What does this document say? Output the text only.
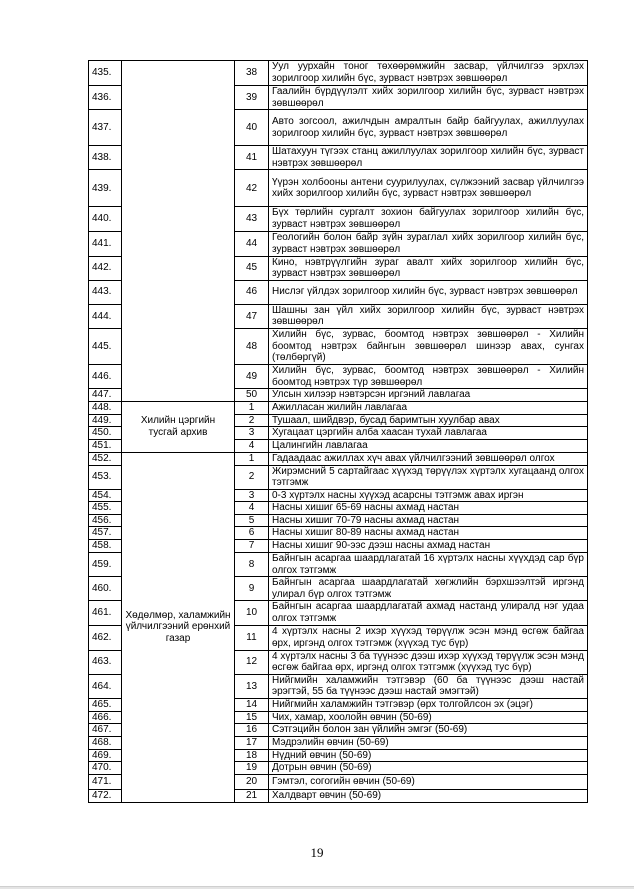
435.		38	Уул уурхайн тоног төхөөрөмжийн засвар, үйлчилгээ эрхлэх зорилгоор хилийн бүс, зурваст нэвтрэх зөвшөөрөл
436.		39	Гаалийн бүрдүүлэлт хийх зорилгоор хилийн бүс, зурваст нэвтрэх зөвшөөрөл
437.		40	Авто зогсоол, ажилчдын амралтын байр байгуулах, ажиллуулах зорилгоор хилийн бүс, зурваст нэвтрэх зөвшөөрөл
438.		41	Шатахуун түгээх станц ажиллуулах зорилгоор хилийн бүс, зурваст нэвтрэх зөвшөөрөл
439.		42	Үүрэн холбооны антени суурилуулах, сүлжээний засвар үйлчилгээ хийх зорилгоор хилийн бүс, зурваст нэвтрэх зөвшөөрөл
440.		43	Бүх төрлийн сургалт зохион байгуулах зорилгоор хилийн бүс, зурваст нэвтрэх зөвшөөрөл
441.		44	Геологийн болон байр зүйн зураглал хийх зорилгоор хилийн бүс, зурваст нэвтрэх зөвшөөрөл
442.		45	Кино, нэвтрүүлгийн зураг авалт хийх зорилгоор хилийн бүс, зурваст нэвтрэх зөвшөөрөл
443.		46	Нислэг үйлдэх зорилгоор хилийн бүс, зурваст нэвтрэх зөвшөөрөл
444.		47	Шашны зан үйл хийх зорилгоор хилийн бүс, зурваст нэвтрэх зөвшөөрөл
445.		48	Хилийн бүс, зурвас, боомтод нэвтрэх зөвшөөрөл - Хилийн боомтод нэвтрэх байнгын зөвшөөрөл шинээр авах, сунгах (төлбөргүй)
446.		49	Хилийн бүс, зурвас, боомтод нэвтрэх зөвшөөрөл - Хилийн боомтод нэвтрэх түр зөвшөөрөл
447.		50	Улсын хилээр нэвтэрсэн иргэний лавлагаа
448.	Хилийн цэргийн тусгай архив	1	Ажилласан жилийн лавлагаа
449.		2	Тушаал, шийдвэр, бусад баримтын хуулбар авах
450.		3	Хугацаат цэргийн алба хаасан тухай лавлагаа
451.		4	Цалингийн лавлагаа
452.	Хөдөлмөр, халамжийн үйлчилгээний ерөнхий газар	1	Гадаадаас ажиллах хүч авах үйлчилгээний зөвшөөрөл олгох
453.		2	Жирэмсний 5 сартайгаас хүүхэд төрүүлэх хүртэлх хугацаанд олгох тэтгэмж
454.		3	0-3 хүртэлх насны хүүхэд асарсны тэтгэмж авах иргэн
455.		4	Насны хишиг 65-69 насны ахмад настан
456.		5	Насны хишиг 70-79 насны ахмад настан
457.		6	Насны хишиг 80-89 насны ахмад настан
458.		7	Насны хишиг 90-ээс дээш насны ахмад настан
459.		8	Байнгын асаргаа шаардлагатай 16 хүртэлх насны хүүхдэд сар бүр олгох тэтгэмж
460.		9	Байнгын асаргаа шаардлагатай хөгжлийн бэрхшээлтэй иргэнд улирал бүр олгох тэтгэмж
461.		10	Байнгын асаргаа шаардлагатай ахмад настанд улиралд нэг удаа олгох тэтгэмж
462.		11	4 хүртэлх насны 2 ихэр хүүхэд төрүүлж эсэн мэнд өсгөж байгаа өрх, иргэнд олгох тэтгэмж (хүүхэд тус бүр)
463.		12	4 хүртэлх насны 3 ба түүнээс дээш ихэр хүүхэд төрүүлж эсэн мэнд өсгөж байгаа өрх, иргэнд олгох тэтгэмж (хүүхэд тус бүр)
464.		13	Нийгмийн халамжийн тэтгэвэр (60 ба түүнээс дээш настай эрэгтэй, 55 ба түүнээс дээш настай эмэгтэй)
465.		14	Нийгмийн халамжийн тэтгэвэр (өрх толгойлсон эх (эцэг)
466.		15	Чих, хамар, хоолойн өвчин (50-69)
467.		16	Сэтгэцийн болон зан үйлийн эмгэг (50-69)
468.		17	Мэдрэлийн өвчин (50-69)
469.		18	Нүдний өвчин (50-69)
470.		19	Дотрын өвчин (50-69)
471.		20	Гэмтэл, согогийн өвчин (50-69)
472.		21	Халдварт өвчин (50-69)
19
